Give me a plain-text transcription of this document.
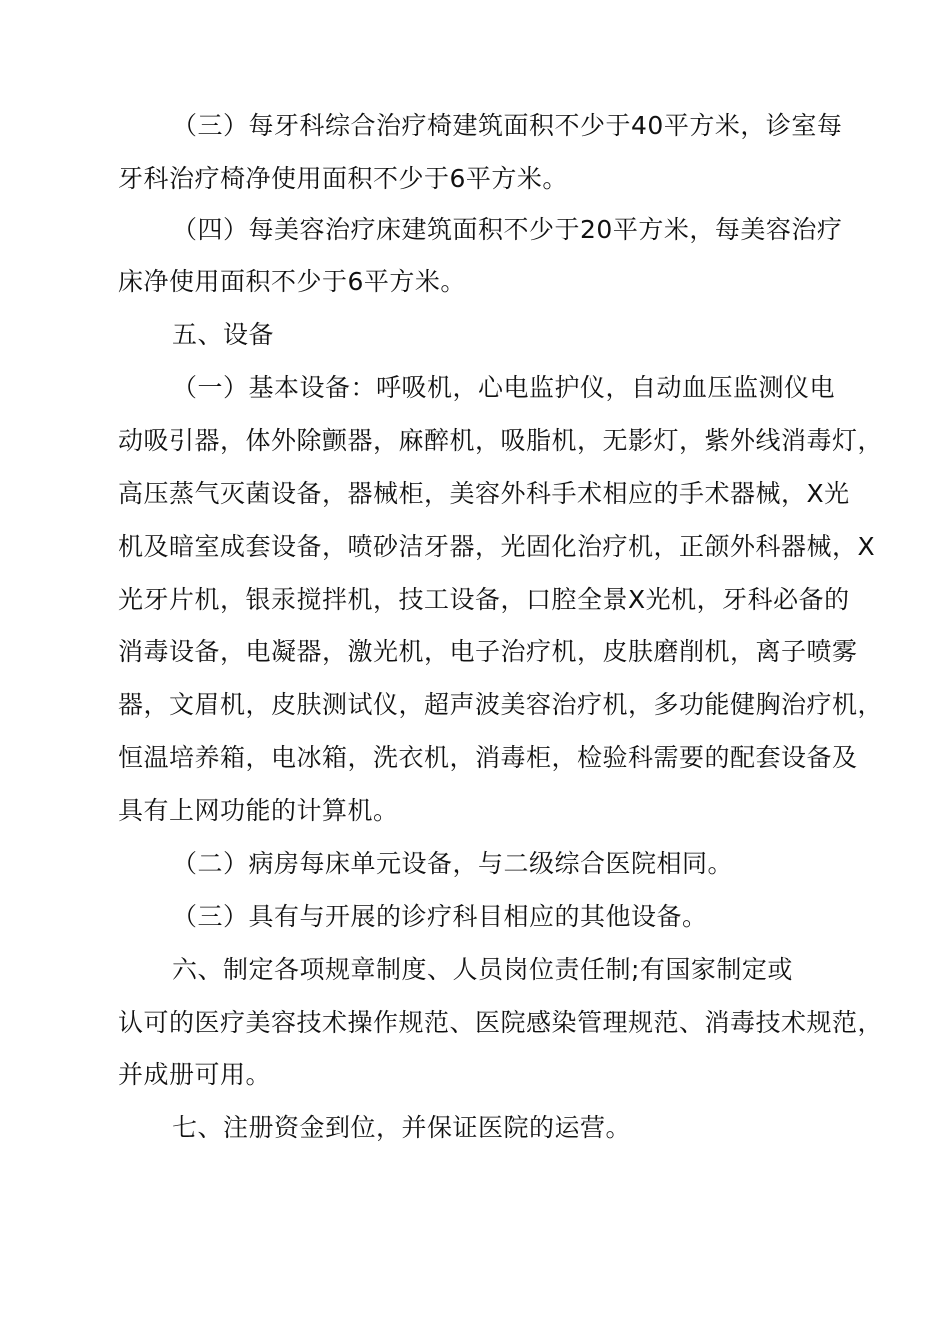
（三）每牙科综合治疗椅建筑面积不少于40平方米，诊室每
牙科治疗椅净使用面积不少于6平方米。
（四）每美容治疗床建筑面积不少于20平方米，每美容治疗
床净使用面积不少于6平方米。
五、设备
（一）基本设备：呼吸机，心电监护仪，自动血压监测仪电
动吸引器，体外除颤器，麻醉机，吸脂机，无影灯，紫外线消毒灯，
高压蒸气灭菌设备，器械柜，美容外科手术相应的手术器械，X光
机及暗室成套设备，喷砂洁牙器，光固化治疗机，正颌外科器械，X
光牙片机，银汞搅拌机，技工设备，口腔全景X光机，牙科必备的
消毒设备，电凝器，激光机，电子治疗机，皮肤磨削机，离子喷雾
器，文眉机，皮肤测试仪，超声波美容治疗机，多功能健胸治疗机，
恒温培养箱，电冰箱，洗衣机，消毒柜，检验科需要的配套设备及
具有上网功能的计算机。
（二）病房每床单元设备，与二级综合医院相同。
（三）具有与开展的诊疗科目相应的其他设备。
六、制定各项规章制度、人员岗位责任制;有国家制定或
认可的医疗美容技术操作规范、医院感染管理规范、消毒技术规范，
并成册可用。
七、注册资金到位，并保证医院的运营。
